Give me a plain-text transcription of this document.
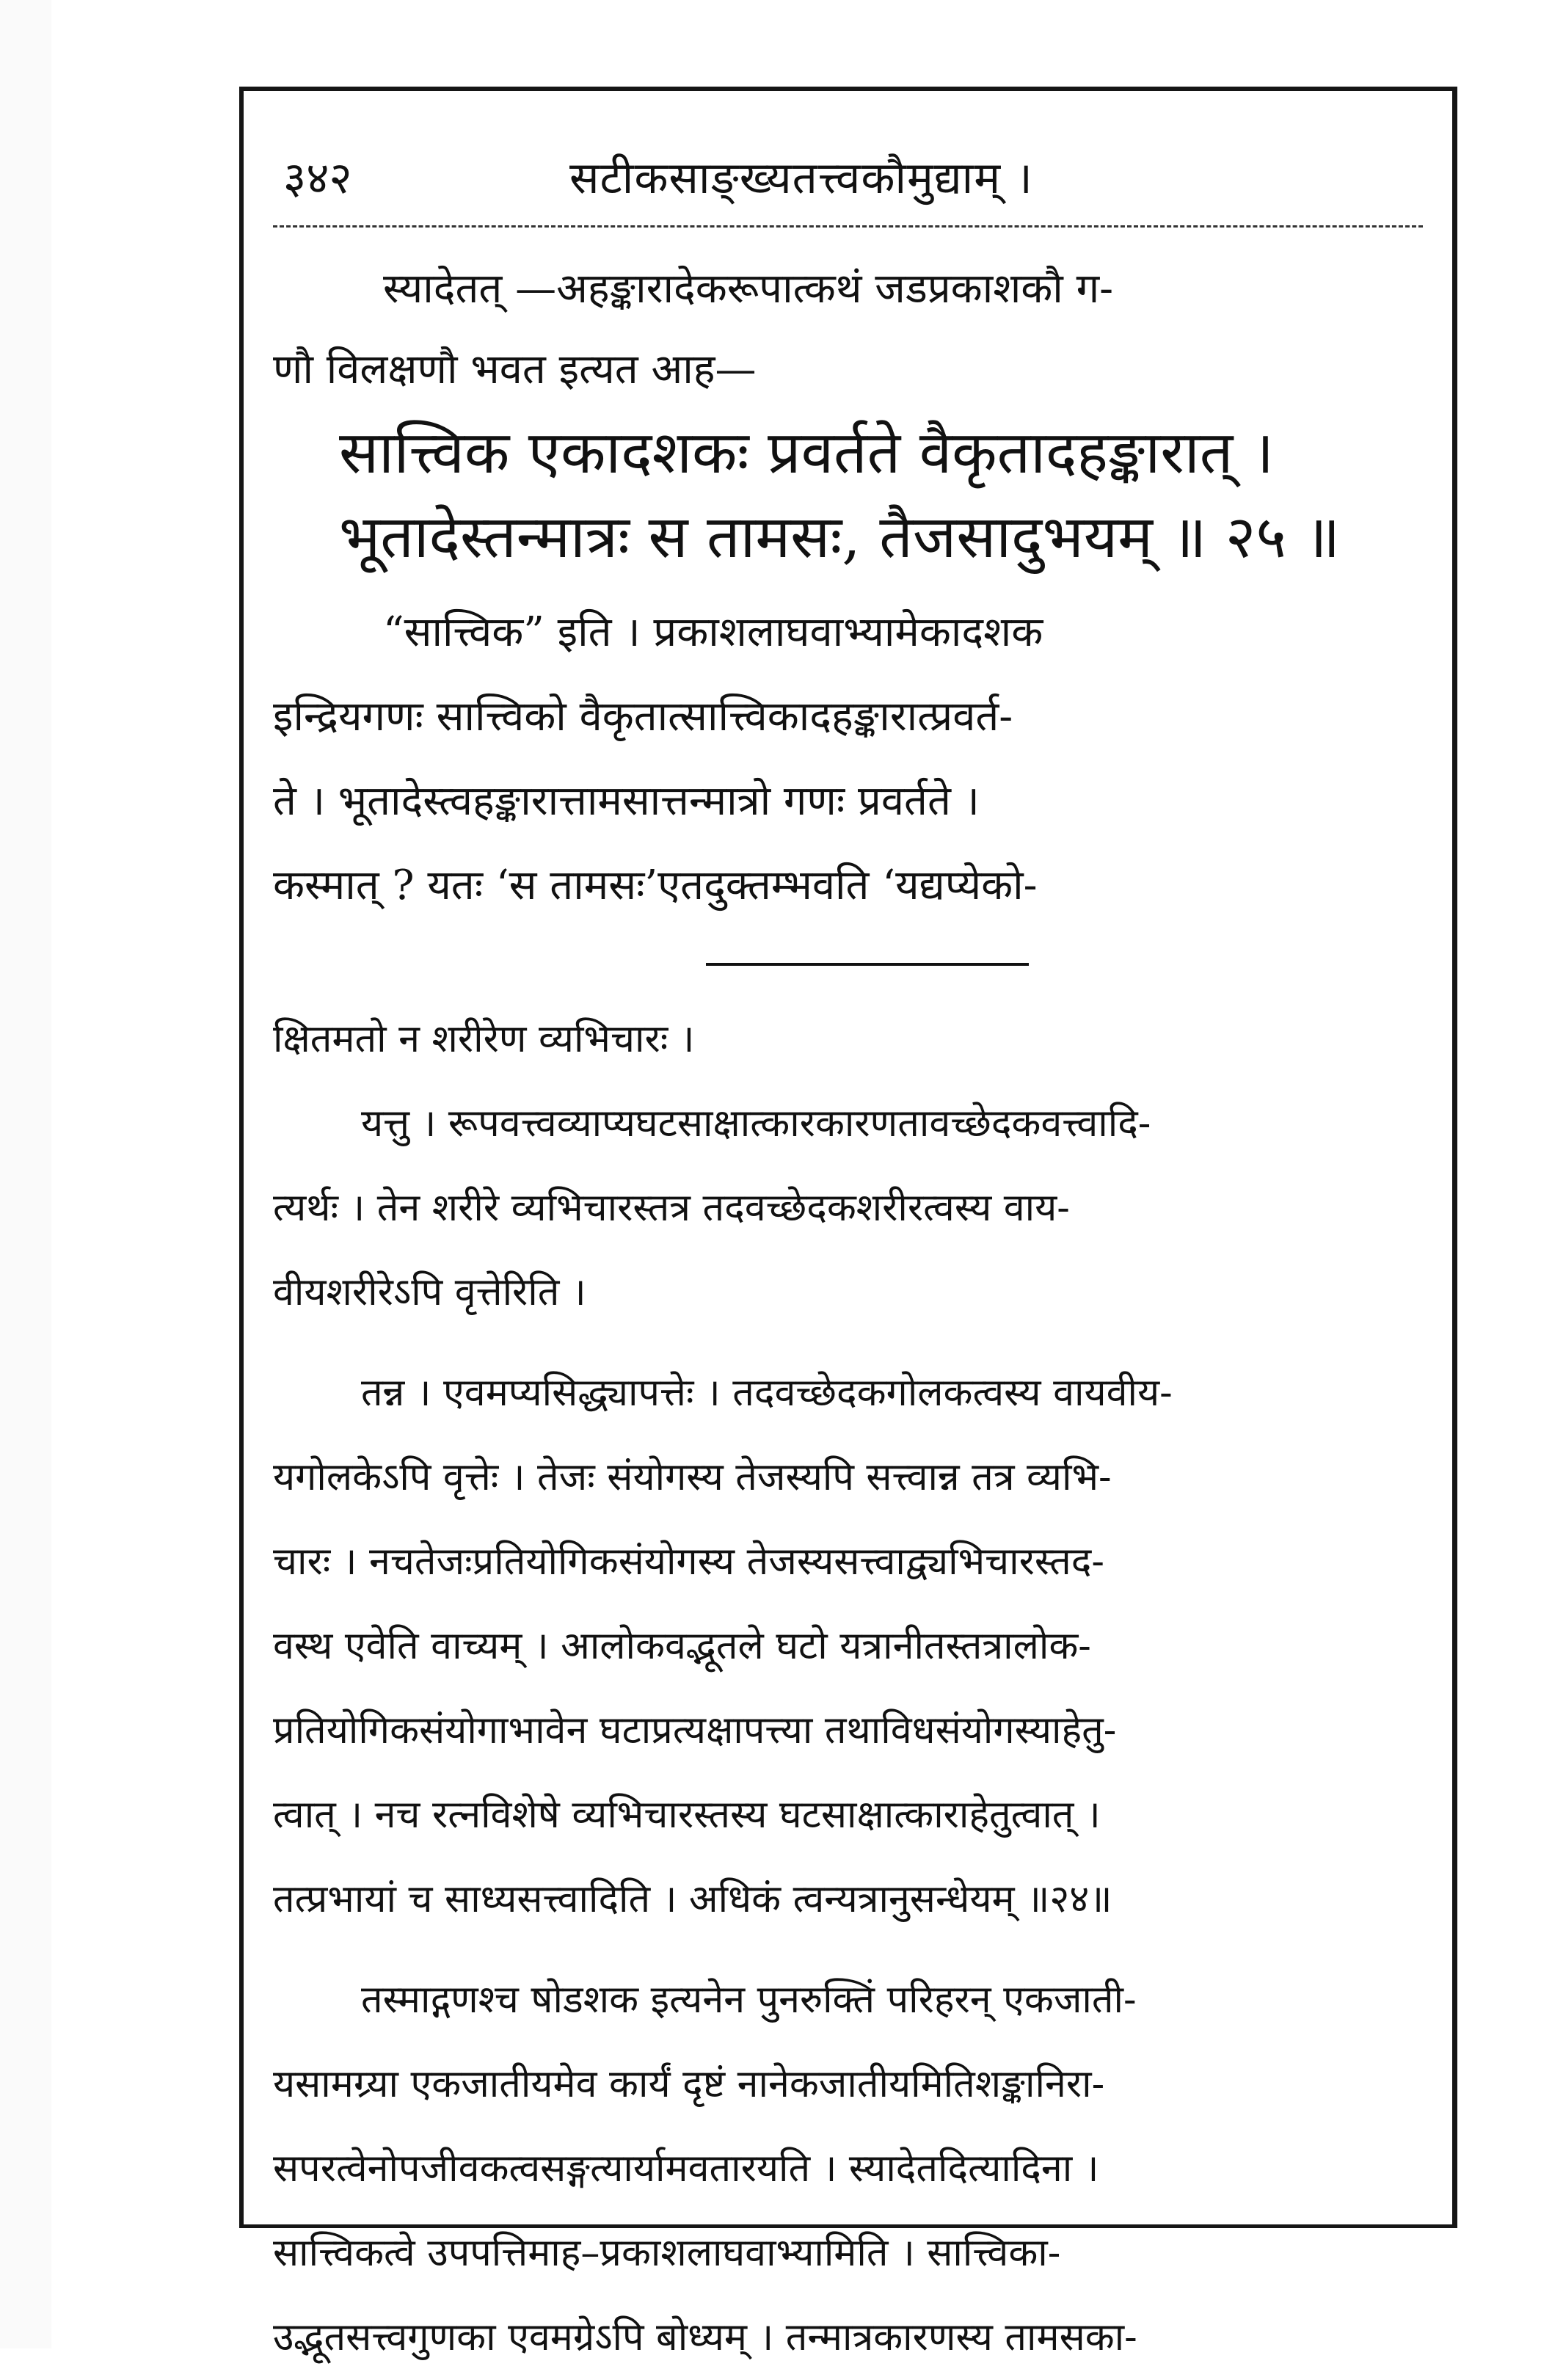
३४२	सटीकसाङ्ख्यतत्त्वकौमुद्याम् ।
स्यादेतत् —अहङ्कारादेकरूपात्कथं जडप्रकाशकौ ग-
णौ विलक्षणौ भवत इत्यत आह—
सात्त्विक एकादशकः प्रवर्तते वैकृतादहङ्कारात् ।
भूतादेस्तन्मात्रः स तामसः, तैजसादुभयम् ॥ २५ ॥
“सात्त्विक” इति । प्रकाशलाघवाभ्यामेकादशक
इन्द्रियगणः सात्त्विको वैकृतात्सात्त्विकादहङ्कारात्प्रवर्त-
ते । भूतादेस्त्वहङ्कारात्तामसात्तन्मात्रो गणः प्रवर्तते ।
कस्मात् ? यतः ‘स तामसः’एतदुक्तम्भवति ‘यद्यप्येको-
क्षितमतो न शरीरेण व्यभिचारः ।
यत्तु । रूपवत्त्वव्याप्यघटसाक्षात्कारकारणतावच्छेदकवत्त्वादि-
त्यर्थः । तेन शरीरे व्यभिचारस्तत्र तदवच्छेदकशरीरत्वस्य वाय-
वीयशरीरेऽपि वृत्तेरिति ।
तन्न । एवमप्यसिद्ध्यापत्तेः । तदवच्छेदकगोलकत्वस्य वायवीय-
यगोलकेऽपि वृत्तेः । तेजः संयोगस्य तेजस्यपि सत्त्वान्न तत्र व्यभि-
चारः । नचतेजःप्रतियोगिकसंयोगस्य तेजस्यसत्त्वाद्व्यभिचारस्तद-
वस्थ एवेति वाच्यम् । आलोकवद्भूतले घटो यत्रानीतस्तत्रालोक-
प्रतियोगिकसंयोगाभावेन घटाप्रत्यक्षापत्त्या तथाविधसंयोगस्याहेतु-
त्वात् । नच रत्नविशेषे व्यभिचारस्तस्य घटसाक्षात्काराहेतुत्वात् ।
तत्प्रभायां च साध्यसत्त्वादिति । अधिकं त्वन्यत्रानुसन्धेयम् ॥२४॥
तस्माद्गणश्च षोडशक इत्यनेन पुनरुक्तिं परिहरन् एकजाती-
यसामग्र्या एकजातीयमेव कार्यं दृष्टं नानेकजातीयमितिशङ्कानिरा-
सपरत्वेनोपजीवकत्वसङ्गत्यार्यामवतारयति । स्यादेतदित्यादिना ।
सात्त्विकत्वे उपपत्तिमाह–प्रकाशलाघवाभ्यामिति । सात्त्विका-
उद्भूतसत्त्वगुणका एवमग्रेऽपि बोध्यम् । तन्मात्रकारणस्य तामसका-
